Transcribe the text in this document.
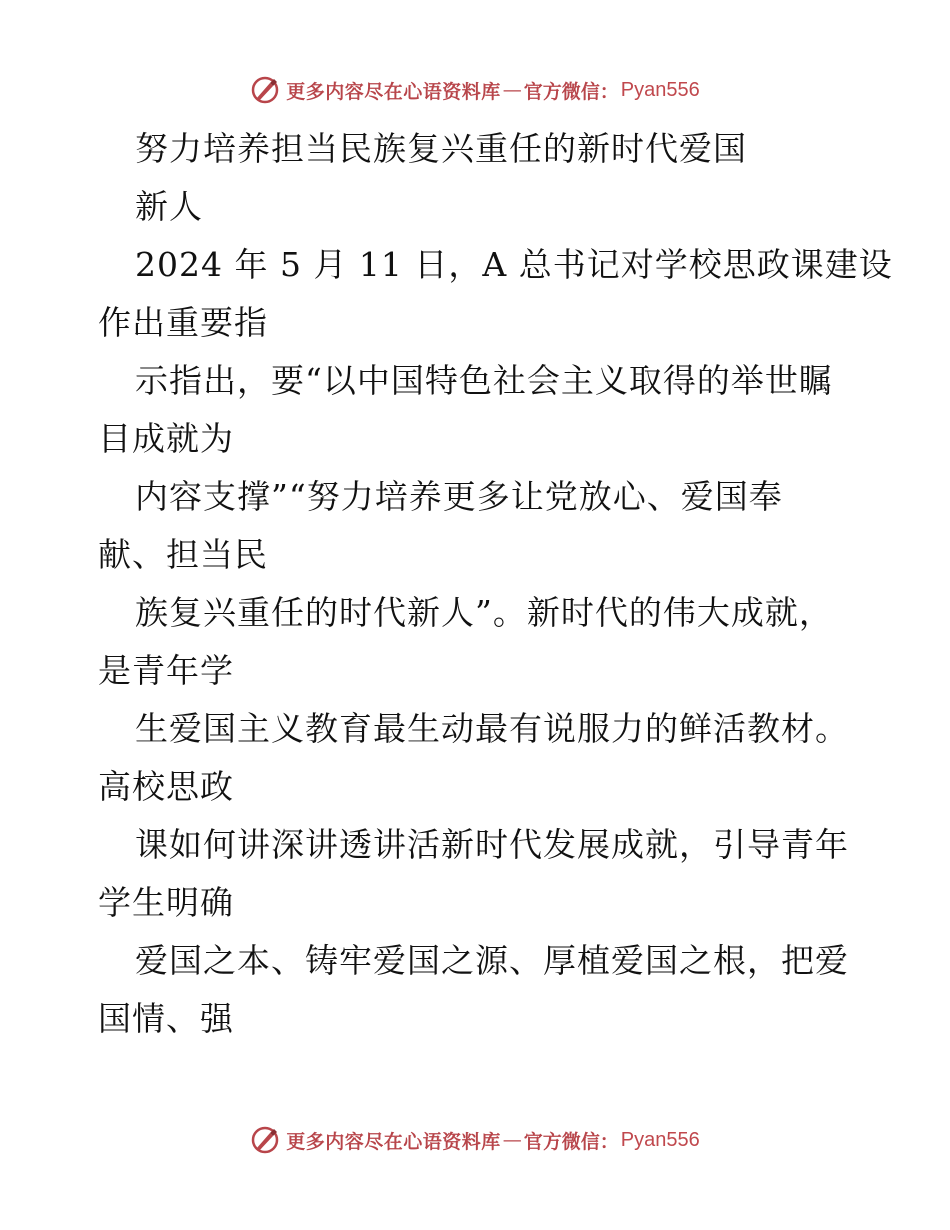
更多内容尽在心语资料库 — 官方微信： Pyan556
努力培养担当民族复兴重任的新时代爱国
新人
2024 年 5 月 11 日，A 总书记对学校思政课建设
作出重要指
示指出，要“以中国特色社会主义取得的举世瞩
目成就为
内容支撑”“努力培养更多让党放心、爱国奉
献、担当民
族复兴重任的时代新人”。新时代的伟大成就，
是青年学
生爱国主义教育最生动最有说服力的鲜活教材。
高校思政
课如何讲深讲透讲活新时代发展成就，引导青年
学生明确
爱国之本、铸牢爱国之源、厚植爱国之根，把爱
国情、强
更多内容尽在心语资料库 — 官方微信： Pyan556
